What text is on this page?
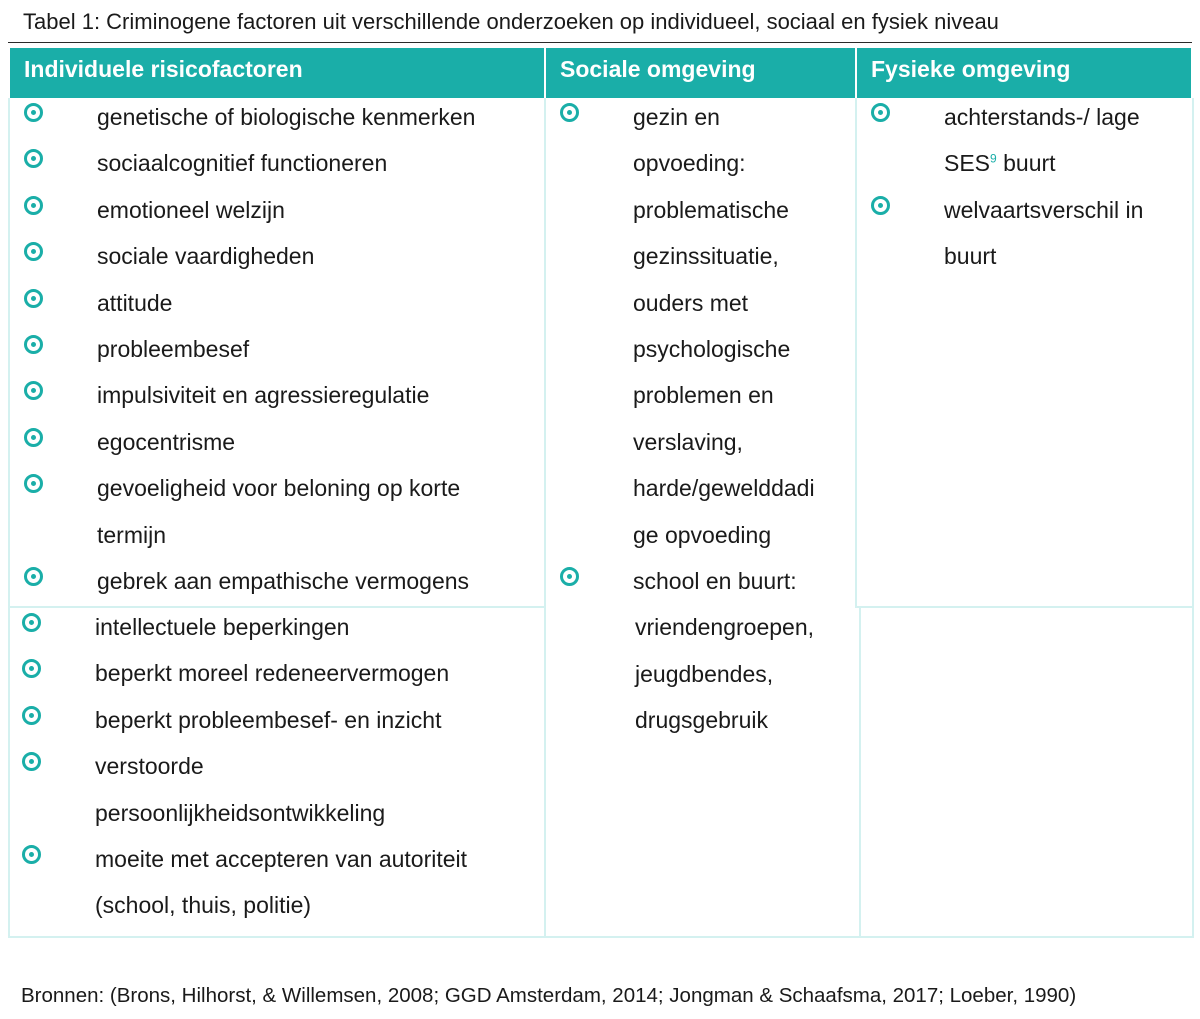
Tabel 1: Criminogene factoren uit verschillende onderzoeken op individueel, sociaal en fysiek niveau
Individuele risicofactoren	Sociale omgeving	Fysieke omgeving
genetische of biologische kenmerken
sociaalcognitief functioneren
emotioneel welzijn
sociale vaardigheden
attitude
probleembesef
impulsiviteit en agressieregulatie
egocentrisme
gevoeligheid voor beloning op korte
termijn
gebrek aan empathische vermogens
intellectuele beperkingen
beperkt moreel redeneervermogen
beperkt probleembesef- en inzicht
verstoorde
persoonlijkheidsontwikkeling
moeite met accepteren van autoriteit
(school, thuis, politie)
gezin en
opvoeding:
problematische
gezinssituatie,
ouders met
psychologische
problemen en
verslaving,
harde/gewelddadi
ge opvoeding
school en buurt:
vriendengroepen,
jeugdbendes,
drugsgebruik
achterstands-/ lage
SES$^9$ buurt
welvaartsverschil in
buurt
Bronnen: (Brons, Hilhorst, & Willemsen, 2008; GGD Amsterdam, 2014; Jongman & Schaafsma, 2017; Loeber, 1990)
